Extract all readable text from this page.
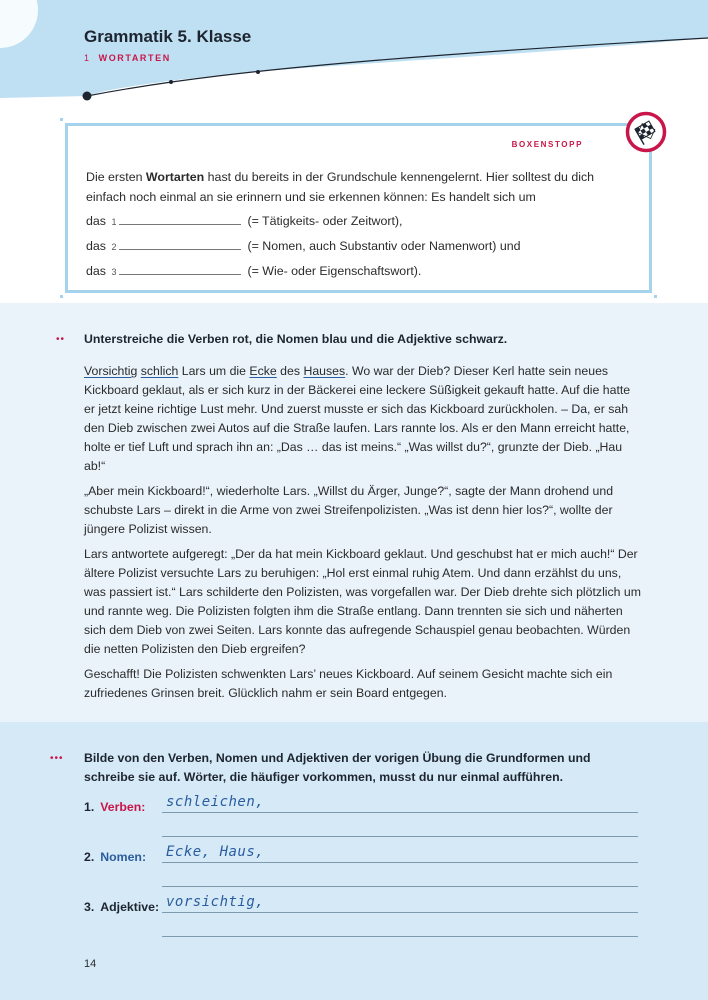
Grammatik 5. Klasse
1 WORTARTEN
BOXENSTOPP

Die ersten Wortarten hast du bereits in der Grundschule kennengelernt. Hier solltest du dich einfach noch einmal an sie erinnern und sie erkennen können: Es handelt sich um

das 1	(= Tätigkeits- oder Zeitwort),
das 2	(= Nomen, auch Substantiv oder Namenwort) und
das 3	(= Wie- oder Eigenschaftswort).
•• Unterstreiche die Verben rot, die Nomen blau und die Adjektive schwarz.

Vorsichtig schlich Lars um die Ecke des Hauses. Wo war der Dieb? Dieser Kerl hatte sein neues Kickboard geklaut, als er sich kurz in der Bäckerei eine leckere Süßigkeit gekauft hatte. Auf die hatte er jetzt keine richtige Lust mehr. Und zuerst musste er sich das Kickboard zurückholen. – Da, er sah den Dieb zwischen zwei Autos auf die Straße laufen. Lars rannte los. Als er den Mann erreicht hatte, holte er tief Luft und sprach ihn an: „Das … das ist meins.“ „Was willst du?“, grunzte der Dieb. „Hau ab!“

„Aber mein Kickboard!“, wiederholte Lars. „Willst du Ärger, Junge?“, sagte der Mann drohend und schubste Lars – direkt in die Arme von zwei Streifenpolizisten. „Was ist denn hier los?“, wollte der jüngere Polizist wissen.

Lars antwortete aufgeregt: „Der da hat mein Kickboard geklaut. Und geschubst hat er mich auch!“ Der ältere Polizist versuchte Lars zu beruhigen: „Hol erst einmal ruhig Atem. Und dann erzählst du uns, was passiert ist.“ Lars schilderte den Polizisten, was vorgefallen war. Der Dieb drehte sich plötzlich um und rannte weg. Die Polizisten folgten ihm die Straße entlang. Dann trennten sie sich und näherten sich dem Dieb von zwei Seiten. Lars konnte das aufregende Schauspiel genau beobachten. Würden die netten Polizisten den Dieb ergreifen?

Geschafft! Die Polizisten schwenkten Lars’ neues Kickboard. Auf seinem Gesicht machte sich ein zufriedenes Grinsen breit. Glücklich nahm er sein Board entgegen.

••• Bilde von den Verben, Nomen und Adjektiven der vorigen Übung die Grundformen und schreibe sie auf. Wörter, die häufiger vorkommen, musst du nur einmal aufführen.

1. Verben: schleichen,
2. Nomen: Ecke, Haus,
3. Adjektive: vorsichtig,
14
